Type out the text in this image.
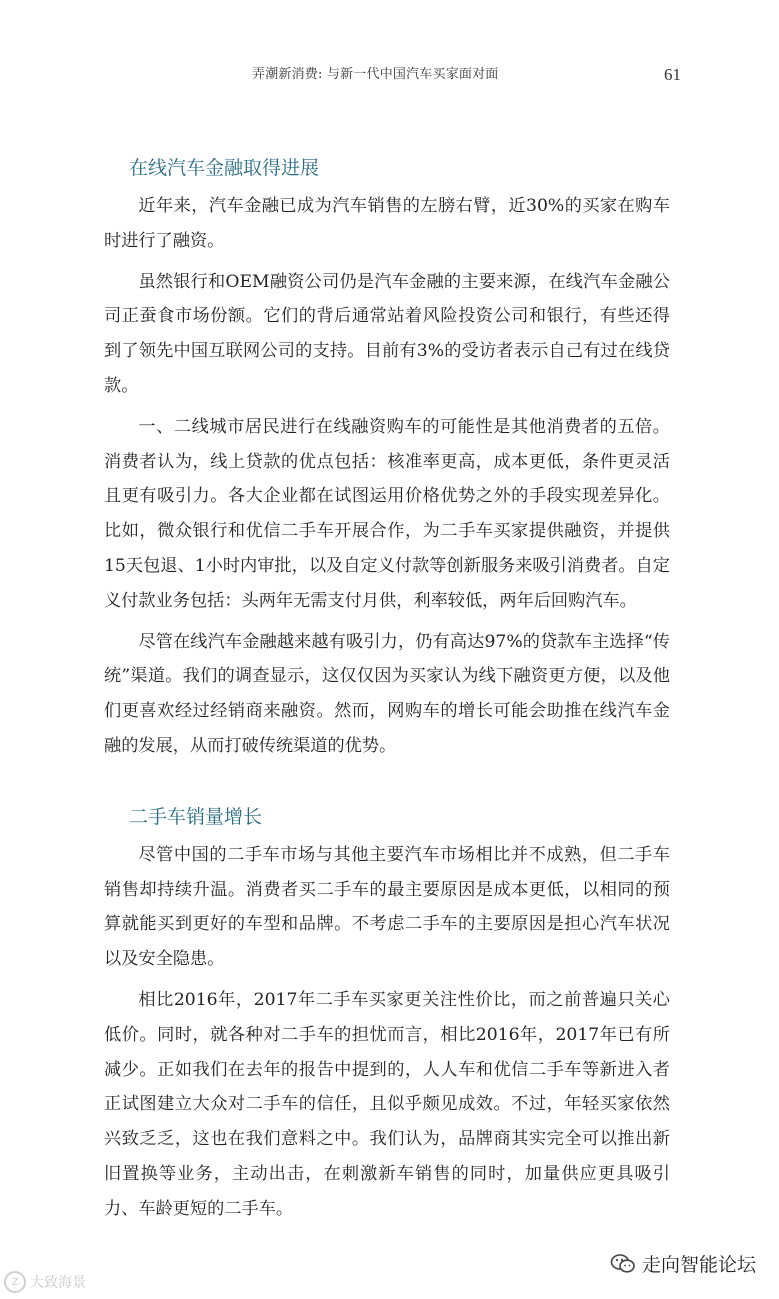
弄潮新消费: 与新一代中国汽车买家面对面	61
在线汽车金融取得进展

近年来，汽车金融已成为汽车销售的左膀右臂，近30%的买家在购车时进行了融资。

虽然银行和OEM融资公司仍是汽车金融的主要来源，在线汽车金融公司正蚕食市场份额。它们的背后通常站着风险投资公司和银行，有些还得到了领先中国互联网公司的支持。目前有3%的受访者表示自己有过在线贷款。

一、二线城市居民进行在线融资购车的可能性是其他消费者的五倍。消费者认为，线上贷款的优点包括：核准率更高，成本更低，条件更灵活且更有吸引力。各大企业都在试图运用价格优势之外的手段实现差异化。比如，微众银行和优信二手车开展合作，为二手车买家提供融资，并提供15天包退、1小时内审批，以及自定义付款等创新服务来吸引消费者。自定义付款业务包括：头两年无需支付月供，利率较低，两年后回购汽车。

尽管在线汽车金融越来越有吸引力，仍有高达97%的贷款车主选择“传统”渠道。我们的调查显示，这仅仅因为买家认为线下融资更方便，以及他们更喜欢经过经销商来融资。然而，网购车的增长可能会助推在线汽车金融的发展，从而打破传统渠道的优势。

二手车销量增长

尽管中国的二手车市场与其他主要汽车市场相比并不成熟，但二手车销售却持续升温。消费者买二手车的最主要原因是成本更低，以相同的预算就能买到更好的车型和品牌。不考虑二手车的主要原因是担心汽车状况以及安全隐患。

相比2016年，2017年二手车买家更关注性价比，而之前普遍只关心低价。同时，就各种对二手车的担忧而言，相比2016年，2017年已有所减少。正如我们在去年的报告中提到的，人人车和优信二手车等新进入者正试图建立大众对二手车的信任，且似乎颇见成效。不过，年轻买家依然兴致乏乏，这也在我们意料之中。我们认为，品牌商其实完全可以推出新旧置换等业务，主动出击，在刺激新车销售的同时，加量供应更具吸引力、车龄更短的二手车。

Z 大致海景
走向智能论坛
